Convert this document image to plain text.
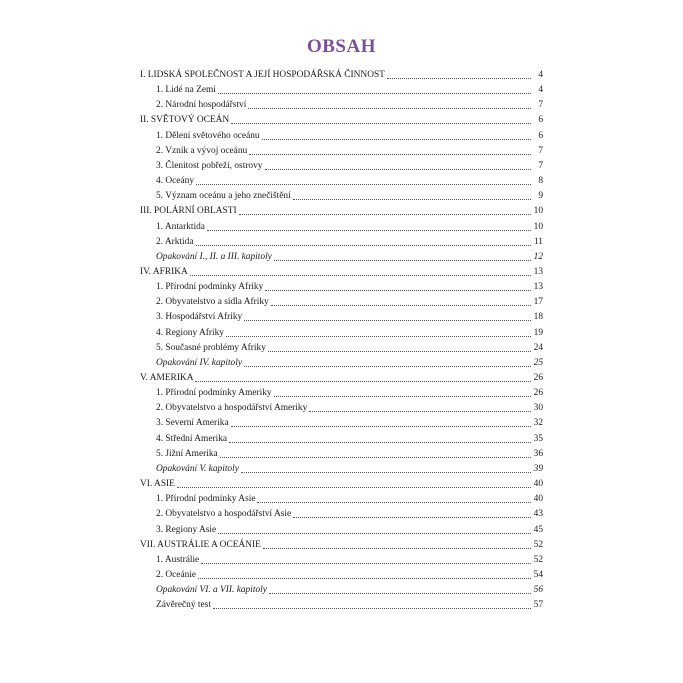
OBSAH
I. LIDSKÁ SPOLEČNOST A JEJÍ HOSPODÁŘSKÁ ČINNOST	4
1. Lidé na Zemi	4
2. Národní hospodářství	7
II. SVĚTOVÝ OCEÁN	6
1. Dělení světového oceánu	6
2. Vznik a vývoj oceánu	7
3. Členitost pobřeží, ostrovy	7
4. Oceány	8
5. Význam oceánu a jeho znečištění	9
III. POLÁRNÍ OBLASTI	10
1. Antarktida	10
2. Arktida	11
Opakování I., II. a III. kapitoly	12
IV. AFRIKA	13
1. Přírodní podmínky Afriky	13
2. Obyvatelstvo a sídla Afriky	17
3. Hospodářství Afriky	18
4. Regiony Afriky	19
5. Současné problémy Afriky	24
Opakování IV. kapitoly	25
V. AMERIKA	26
1. Přírodní podmínky Ameriky	26
2. Obyvatelstvo a hospodářství Ameriky	30
3. Severní Amerika	32
4. Střední Amerika	35
5. Jižní Amerika	36
Opakování V. kapitoly	39
VI. ASIE	40
1. Přírodní podmínky Asie	40
2. Obyvatelstvo a hospodářství Asie	43
3. Regiony Asie	45
VII. AUSTRÁLIE A OCEÁNIE	52
1. Austrálie	52
2. Oceánie	54
Opakování VI. a VII. kapitoly	56
Závěrečný test	57
